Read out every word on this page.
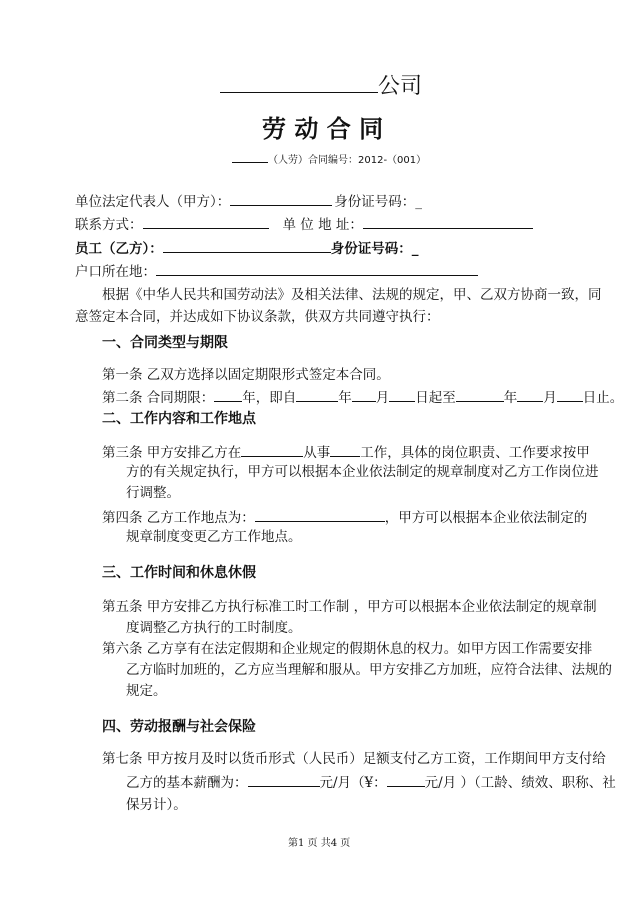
公司
劳 动 合 同
（人劳）合同编号：2012-（001）
单位法定代表人（甲方）：	身份证号码：_
联系方式：	单 位 地 址：
员工（乙方）：	身份证号码：_
户口所在地：
根据《中华人民共和国劳动法》及相关法律、法规的规定，甲、乙双方协商一致，同
意签定本合同，并达成如下协议条款，供双方共同遵守执行：
一、合同类型与期限
第一条 乙双方选择以固定期限形式签定本合同。
第二条 合同期限： 年，即自	年 月 日起至	年 月 日止。
二、工作内容和工作地点
第三条 甲方安排乙方在	从事 工作，具体的岗位职责、工作要求按甲
方的有关规定执行，甲方可以根据本企业依法制定的规章制度对乙方工作岗位进
行调整。
第四条 乙方工作地点为：	，甲方可以根据本企业依法制定的
规章制度变更乙方工作地点。
三、工作时间和休息休假
第五条 甲方安排乙方执行标准工时工作制 ，甲方可以根据本企业依法制定的规章制
度调整乙方执行的工时制度。
第六条 乙方享有在法定假期和企业规定的假期休息的权力。如甲方因工作需要安排
乙方临时加班的，乙方应当理解和服从。甲方安排乙方加班，应符合法律、法规的
规定。
四、劳动报酬与社会保险
第七条 甲方按月及时以货币形式（人民币）足额支付乙方工资，工作期间甲方支付给
乙方的基本薪酬为：	元/月（¥：	元/月 ）（工龄、绩效、职称、社
保另计）。
第1 页 共4 页
